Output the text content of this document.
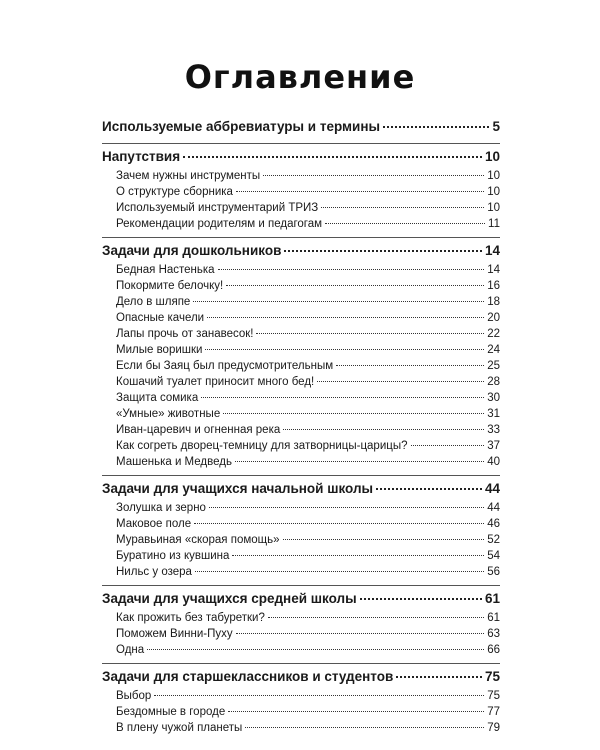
Оглавление
Используемые аббревиатуры и термины	5
Напутствия	10
Зачем нужны инструменты	10
О структуре сборника	10
Используемый инструментарий ТРИЗ	10
Рекомендации родителям и педагогам	11
Задачи для дошкольников	14
Бедная Настенька	14
Покормите белочку!	16
Дело в шляпе	18
Опасные качели	20
Лапы прочь от занавесок!	22
Милые воришки	24
Если бы Заяц был предусмотрительным	25
Кошачий туалет приносит много бед!	28
Защита сомика	30
«Умные» животные	31
Иван-царевич и огненная река	33
Как согреть дворец-темницу для затворницы-царицы?	37
Машенька и Медведь	40
Задачи для учащихся начальной школы	44
Золушка и зерно	44
Маковое поле	46
Муравьиная «скорая помощь»	52
Буратино из кувшина	54
Нильс у озера	56
Задачи для учащихся средней школы	61
Как прожить без табуретки?	61
Поможем Винни-Пуху	63
Одна	66
Задачи для старшеклассников и студентов	75
Выбор	75
Бездомные в городе	77
В плену чужой планеты	79
